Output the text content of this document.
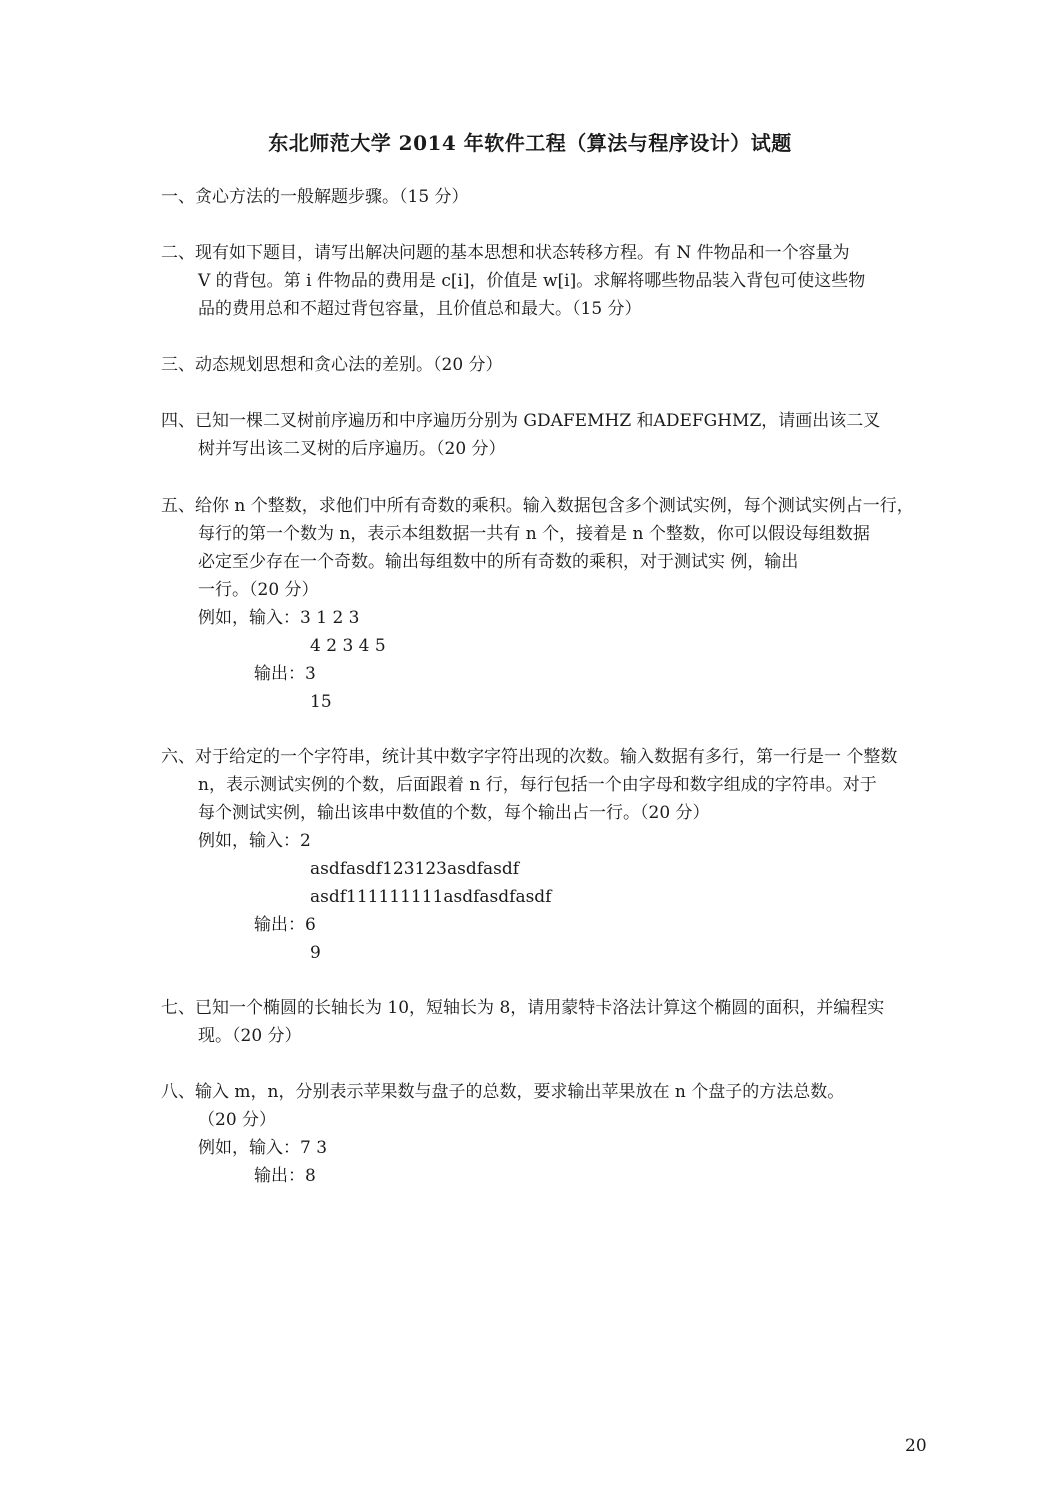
东北师范大学 2014 年软件工程（算法与程序设计）试题
一、贪心方法的一般解题步骤。（15 分）
二、现有如下题目，请写出解决问题的基本思想和状态转移方程。有 N 件物品和一个容量为
V 的背包。第 i 件物品的费用是 c[i]，价值是 w[i]。求解将哪些物品装入背包可使这些物
品的费用总和不超过背包容量，且价值总和最大。（15 分）
三、动态规划思想和贪心法的差别。（20 分）
四、已知一棵二叉树前序遍历和中序遍历分别为 GDAFEMHZ 和ADEFGHMZ，请画出该二叉
树并写出该二叉树的后序遍历。（20 分）
五、给你 n 个整数，求他们中所有奇数的乘积。输入数据包含多个测试实例，每个测试实例占一行，
每行的第一个数为 n，表示本组数据一共有 n 个，接着是 n 个整数，你可以假设每组数据
必定至少存在一个奇数。输出每组数中的所有奇数的乘积，对于测试实 例，输出
一行。（20 分）
例如，输入：3 1 2 3
4 2 3 4 5
输出：3
15
六、对于给定的一个字符串，统计其中数字字符出现的次数。输入数据有多行，第一行是一 个整数
n，表示测试实例的个数，后面跟着 n 行，每行包括一个由字母和数字组成的字符串。对于
每个测试实例，输出该串中数值的个数，每个输出占一行。（20 分）
例如，输入：2
asdfasdf123123asdfasdf
asdf111111111asdfasdfasdf
输出：6
9
七、已知一个椭圆的长轴长为 10，短轴长为 8，请用蒙特卡洛法计算这个椭圆的面积，并编程实
现。（20 分）
八、输入 m，n，分别表示苹果数与盘子的总数，要求输出苹果放在 n 个盘子的方法总数。
（20 分）
例如，输入：7 3
输出：8
20
